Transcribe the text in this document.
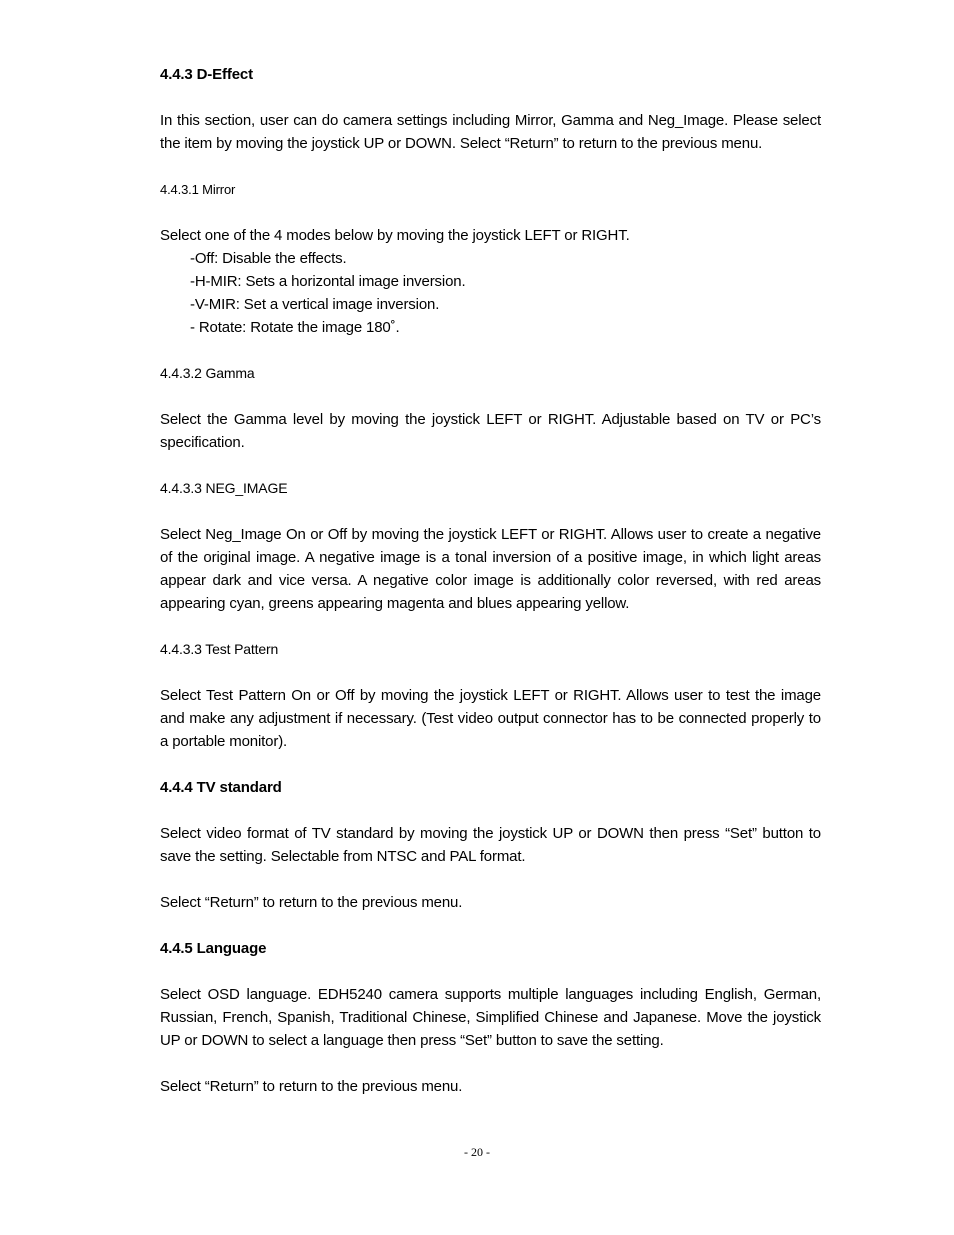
4.4.3 D-Effect

In this section, user can do camera settings including Mirror, Gamma and Neg_Image. Please select the item by moving the joystick UP or DOWN. Select “Return” to return to the previous menu.

4.4.3.1 Mirror

Select one of the 4 modes below by moving the joystick LEFT or RIGHT.

-Off: Disable the effects.
-H-MIR: Sets a horizontal image inversion.
-V-MIR: Set a vertical image inversion.
- Rotate: Rotate the image 180˚.
4.4.3.2 Gamma

Select the Gamma level by moving the joystick LEFT or RIGHT. Adjustable based on TV or PC’s specification.

4.4.3.3 NEG_IMAGE

Select Neg_Image On or Off by moving the joystick LEFT or RIGHT. Allows user to create a negative of the original image. A negative image is a tonal inversion of a positive image, in which light areas appear dark and vice versa. A negative color image is additionally color reversed, with red areas appearing cyan, greens appearing magenta and blues appearing yellow.

4.4.3.3 Test Pattern

Select Test Pattern On or Off by moving the joystick LEFT or RIGHT. Allows user to test the image and make any adjustment if necessary. (Test video output connector has to be connected properly to a portable monitor).

4.4.4 TV standard

Select video format of TV standard by moving the joystick UP or DOWN then press “Set” button to save the setting. Selectable from NTSC and PAL format.

Select “Return” to return to the previous menu.

4.4.5 Language

Select OSD language. EDH5240 camera supports multiple languages including English, German, Russian, French, Spanish, Traditional Chinese, Simplified Chinese and Japanese. Move the joystick UP or DOWN to select a language then press “Set” button to save the setting.

Select “Return” to return to the previous menu.

- 20 -
